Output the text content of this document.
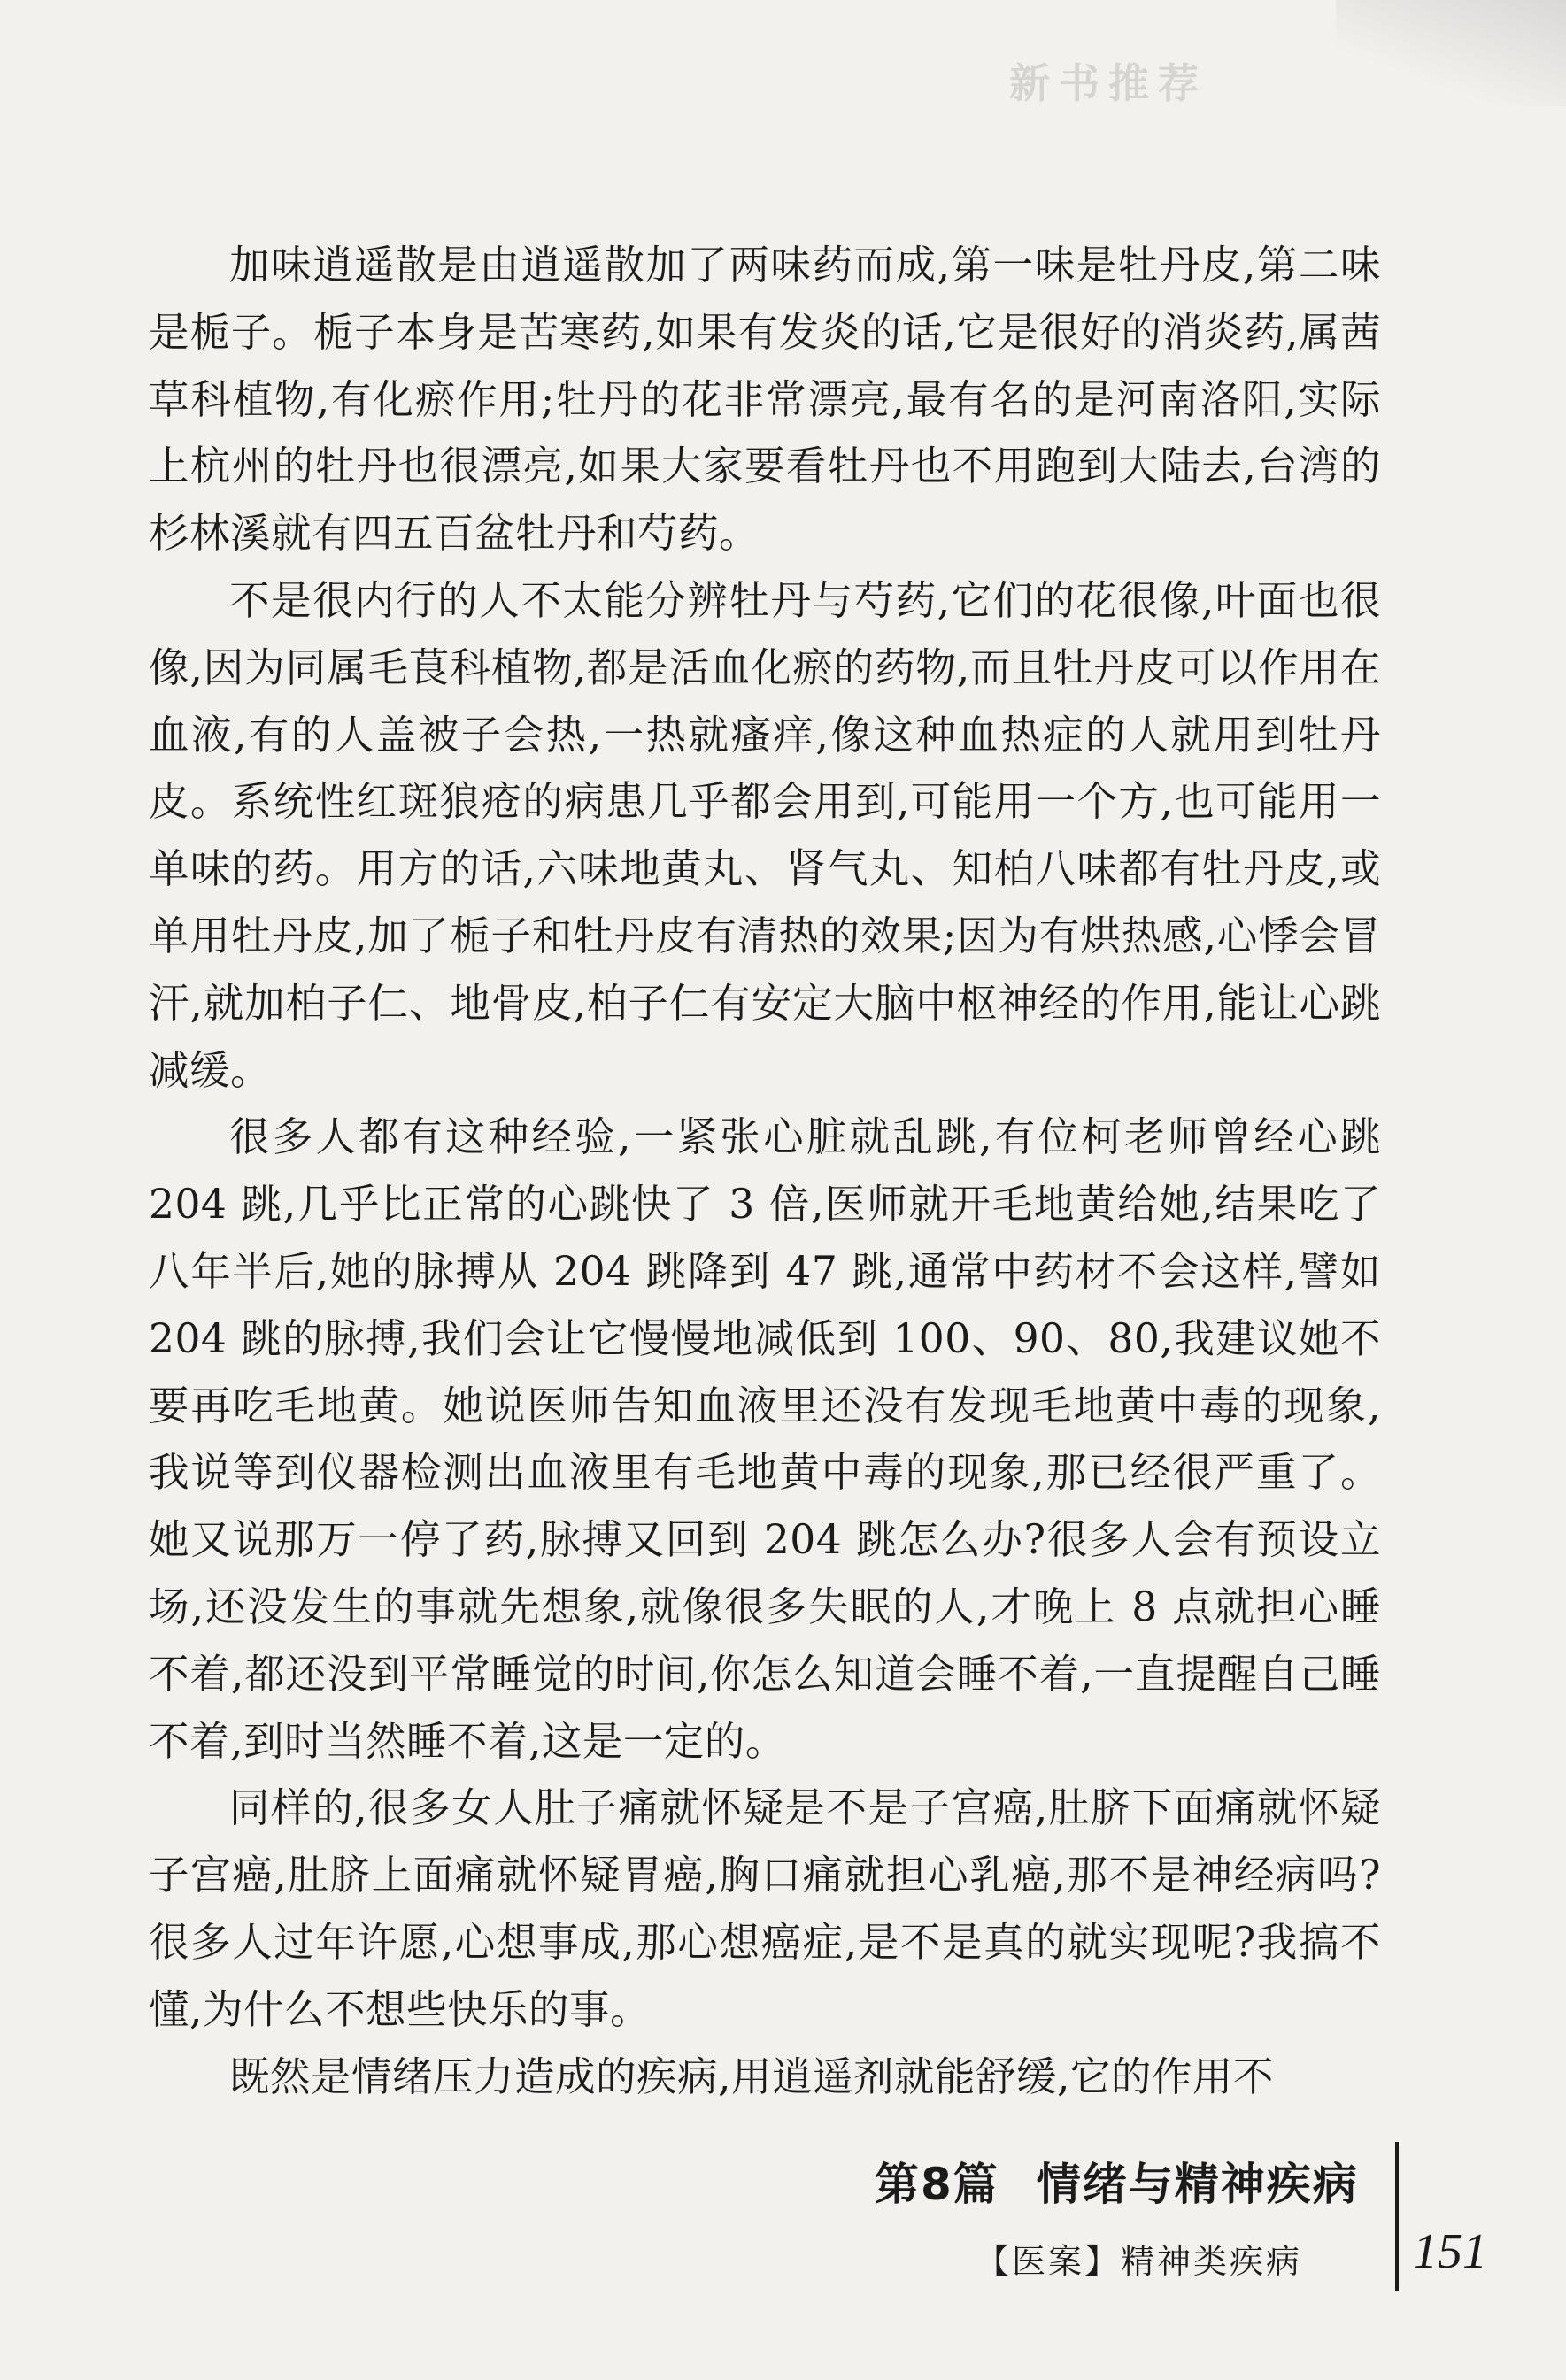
新书推荐

加味逍遥散是由逍遥散加了两味药而成,第一味是牡丹皮,第二味是栀子。栀子本身是苦寒药,如果有发炎的话,它是很好的消炎药,属茜草科植物,有化瘀作用;牡丹的花非常漂亮,最有名的是河南洛阳,实际上杭州的牡丹也很漂亮,如果大家要看牡丹也不用跑到大陆去,台湾的杉林溪就有四五百盆牡丹和芍药。

不是很内行的人不太能分辨牡丹与芍药,它们的花很像,叶面也很像,因为同属毛茛科植物,都是活血化瘀的药物,而且牡丹皮可以作用在血液,有的人盖被子会热,一热就瘙痒,像这种血热症的人就用到牡丹皮。系统性红斑狼疮的病患几乎都会用到,可能用一个方,也可能用一单味的药。用方的话,六味地黄丸、肾气丸、知柏八味都有牡丹皮,或单用牡丹皮,加了栀子和牡丹皮有清热的效果;因为有烘热感,心悸会冒汗,就加柏子仁、地骨皮,柏子仁有安定大脑中枢神经的作用,能让心跳减缓。

很多人都有这种经验,一紧张心脏就乱跳,有位柯老师曾经心跳 204 跳,几乎比正常的心跳快了 3 倍,医师就开毛地黄给她,结果吃了八年半后,她的脉搏从 204 跳降到 47 跳,通常中药材不会这样,譬如 204 跳的脉搏,我们会让它慢慢地减低到 100、90、80,我建议她不要再吃毛地黄。她说医师告知血液里还没有发现毛地黄中毒的现象,我说等到仪器检测出血液里有毛地黄中毒的现象,那已经很严重了。她又说那万一停了药,脉搏又回到 204 跳怎么办?很多人会有预设立场,还没发生的事就先想象,就像很多失眠的人,才晚上 8 点就担心睡不着,都还没到平常睡觉的时间,你怎么知道会睡不着,一直提醒自己睡不着,到时当然睡不着,这是一定的。

同样的,很多女人肚子痛就怀疑是不是子宫癌,肚脐下面痛就怀疑子宫癌,肚脐上面痛就怀疑胃癌,胸口痛就担心乳癌,那不是神经病吗?很多人过年许愿,心想事成,那心想癌症,是不是真的就实现呢?我搞不懂,为什么不想些快乐的事。

既然是情绪压力造成的疾病,用逍遥剂就能舒缓,它的作用不

第8篇 情绪与精神疾病
【医案】精神类疾病 151
